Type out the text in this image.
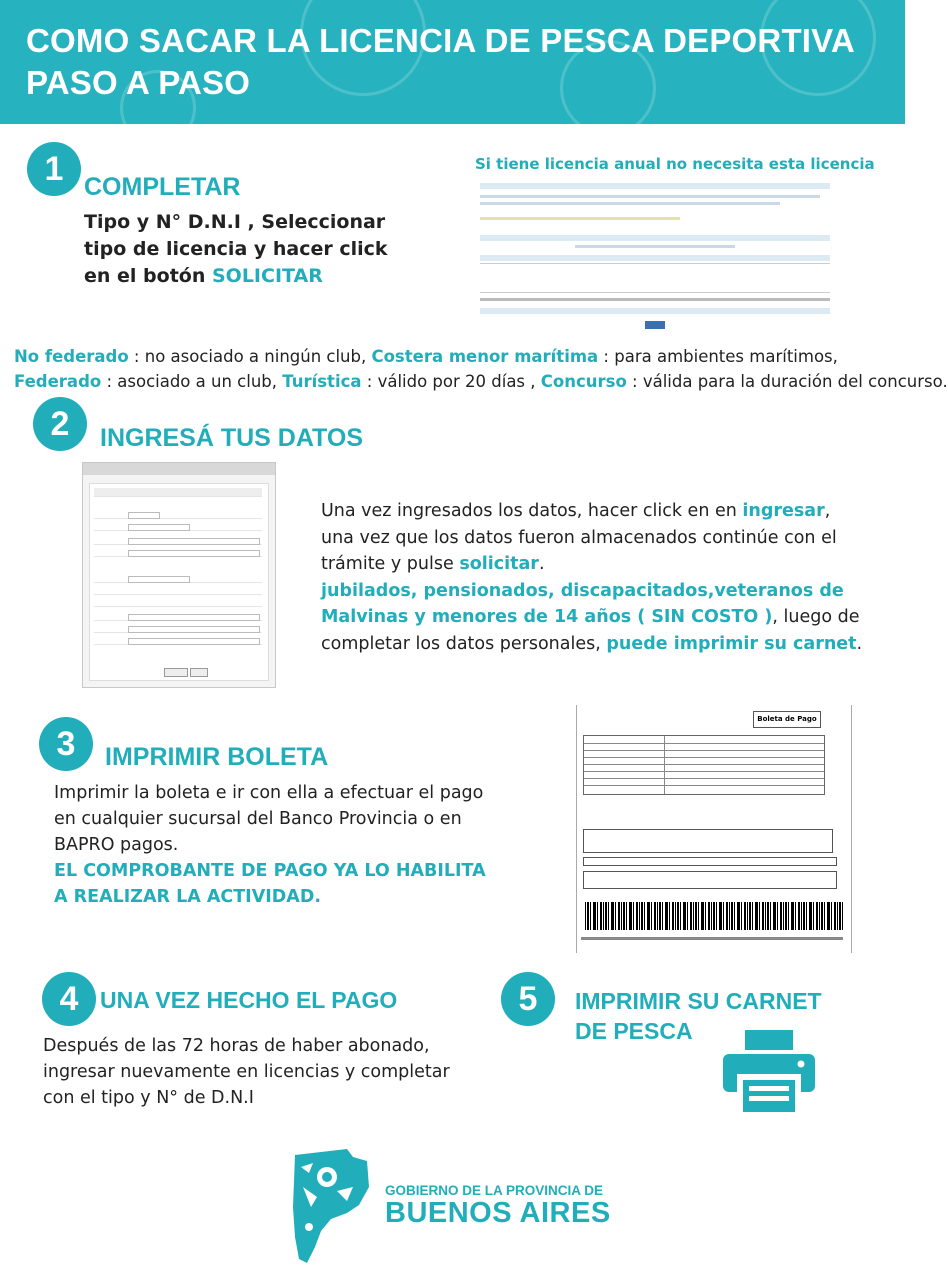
COMO SACAR LA LICENCIA DE PESCA DEPORTIVA
PASO A PASO
1 COMPLETAR
Tipo y N° D.N.I , Seleccionar
tipo de licencia y hacer click
en el botón SOLICITAR
Si tiene licencia anual no necesita esta licencia
No federado : no asociado a ningún club, Costera menor marítima : para ambientes marítimos,
Federado : asociado a un club, Turística : válido por 20 días , Concurso : válida para la duración del concurso.
2	INGRESÁ TUS DATOS
Una vez ingresados los datos, hacer click en en ingresar,
una vez que los datos fueron almacenados continúe con el
trámite y pulse solicitar.
jubilados, pensionados, discapacitados,veteranos de
Malvinas y menores de 14 años ( SIN COSTO ), luego de
completar los datos personales, puede imprimir su carnet.
3	IMPRIMIR BOLETA
Imprimir la boleta e ir con ella a efectuar el pago
en cualquier sucursal del Banco Provincia o en
BAPRO pagos.
EL COMPROBANTE DE PAGO YA LO HABILITA
A REALIZAR LA ACTIVIDAD.
Boleta de Pago
4 UNA VEZ HECHO EL PAGO
Después de las 72 horas de haber abonado,
ingresar nuevamente en licencias y completar
con el tipo y N° de D.N.I
5	IMPRIMIR SU CARNET
DE PESCA
GOBIERNO DE LA PROVINCIA DE
BUENOS AIRES
